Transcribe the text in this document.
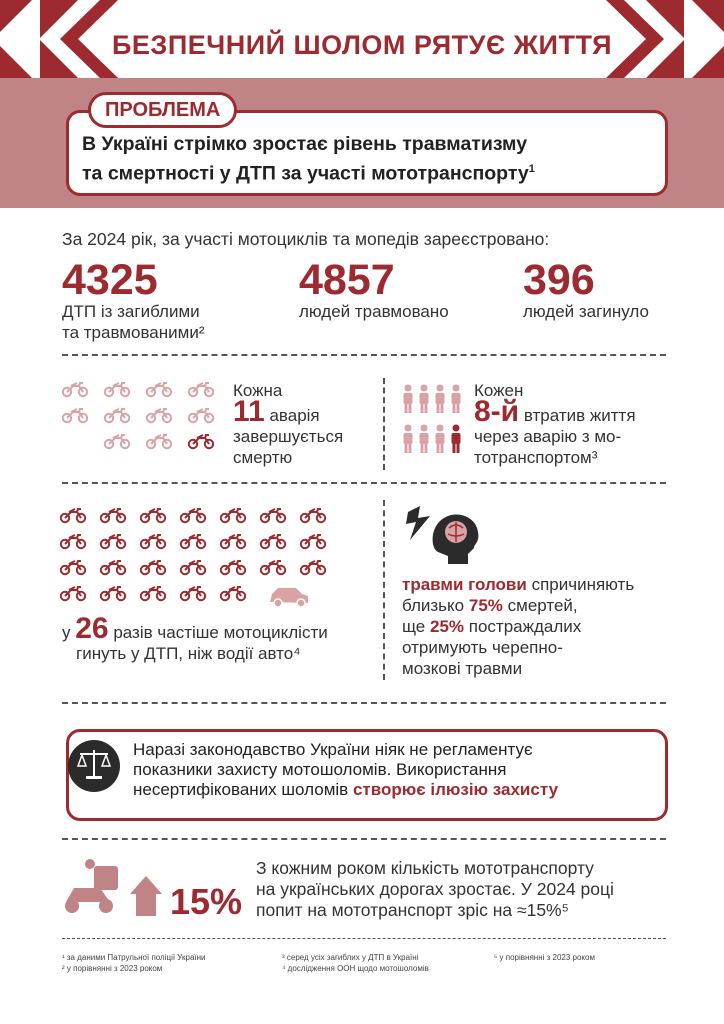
БЕЗПЕЧНИЙ ШОЛОМ РЯТУЄ ЖИТТЯ
ПРОБЛЕМА
В Україні стрімко зростає рівень травматизму
та смертності у ДТП за участі мототранспорту$^1$
За 2024 рік, за участі мотоциклів та мопедів зареєстровано:
4325
ДТП із загиблими
та травмованими²
4857
людей травмовано
396
людей загинуло
Кожна
11 аварія
завершується
смертю
Кожен
8-й втратив життя
через аварію з мо-
тотранспортом³
у 26 разів частіше мотоциклісти
гинуть у ДТП, ніж водії авто⁴
травми голови спричиняють
близько 75% смертей,
ще 25% постраждалих
отримують черепно-
мозкові травми
Наразі законодавство України ніяк не регламентує
показники захисту мотошоломів. Використання
несертифікованих шоломів створює ілюзію захисту
15%
З кожним роком кількість мототранспорту
на українських дорогах зростає. У 2024 році
попит на мототранспорт зріс на ≈15%⁵
¹ за даними Патрульної поліції України
² у порівнянні з 2023 роком
³ серед усіх загиблих у ДТП в Україні
⁴ дослідження ООН щодо мотошоломів
⁵ у порівнянні з 2023 роком
